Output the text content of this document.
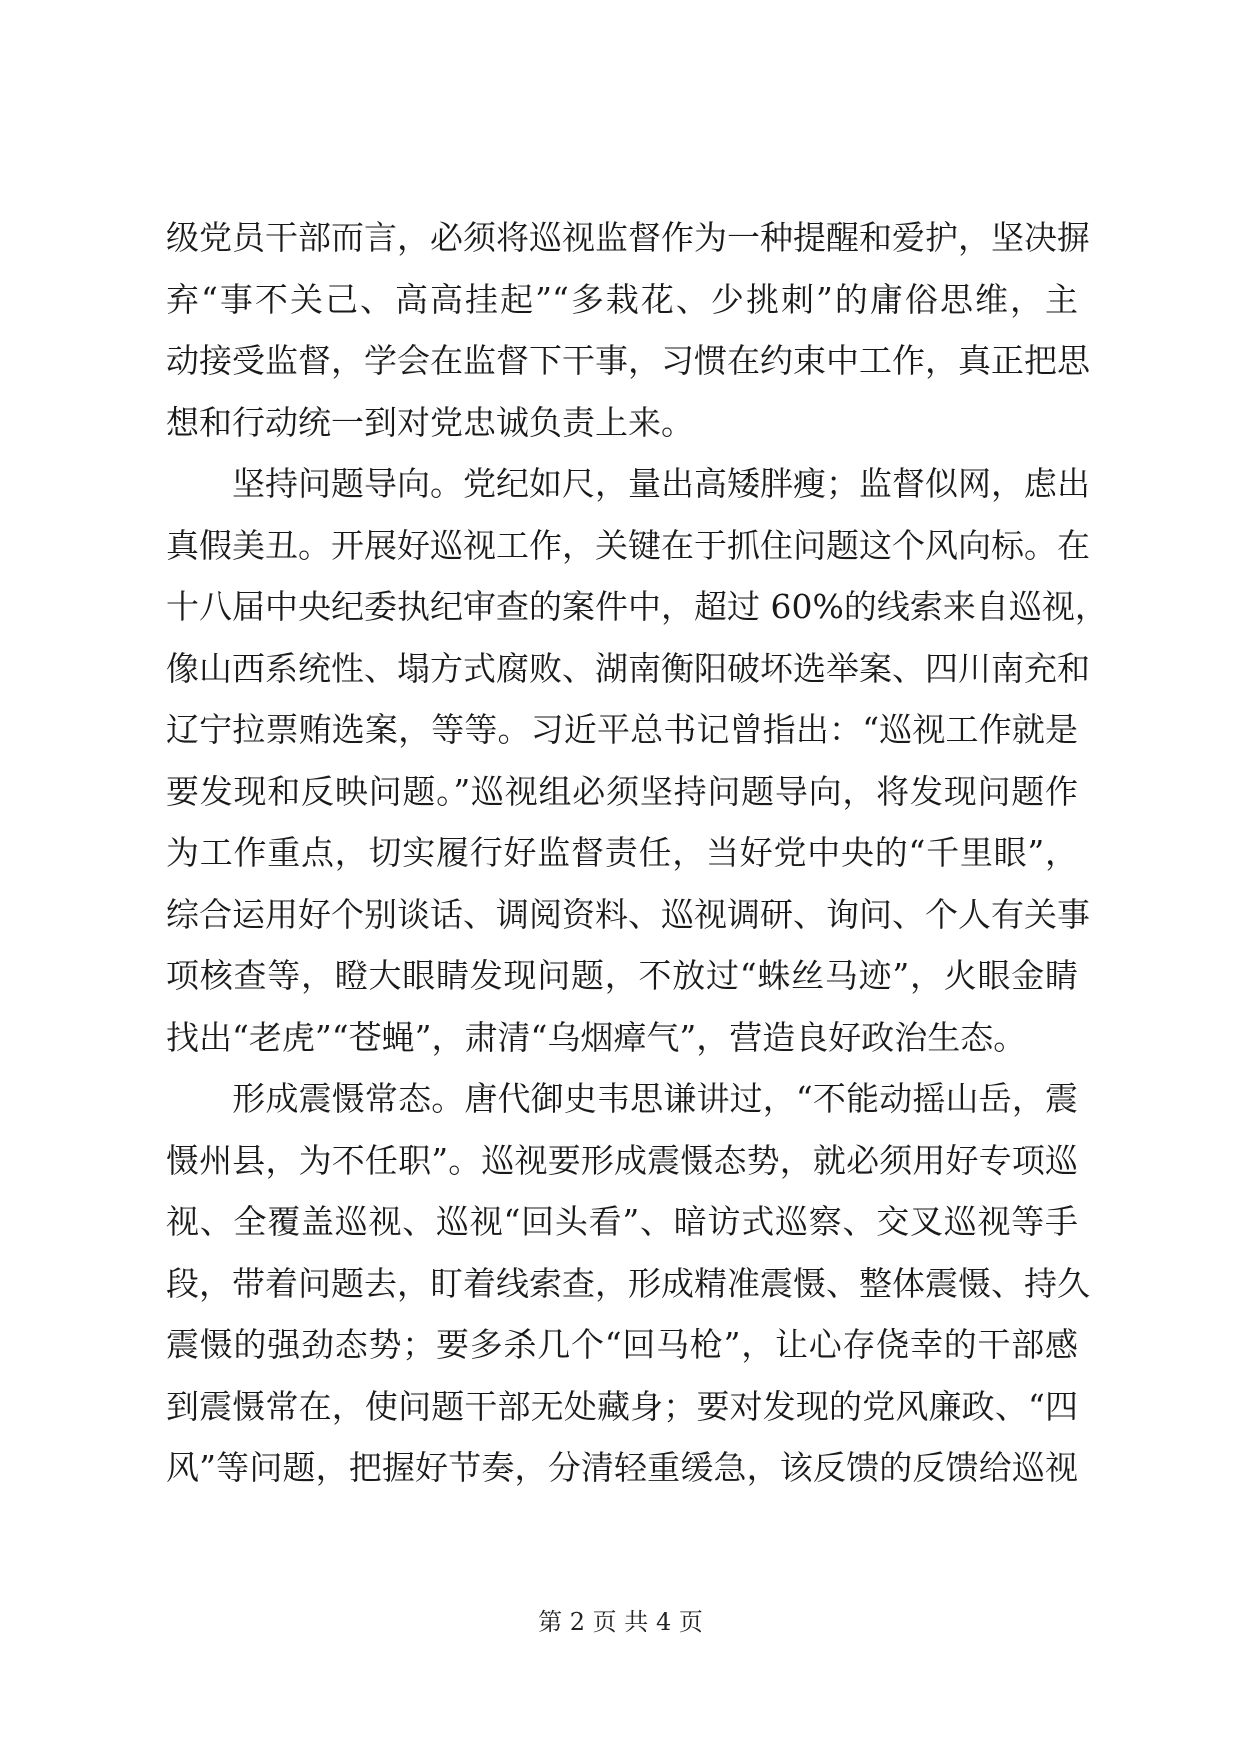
级党员干部而言，必须将巡视监督作为一种提醒和爱护，坚决摒
弃“事不关己、高高挂起”“多栽花、少挑刺”的庸俗思维，主
动接受监督，学会在监督下干事，习惯在约束中工作，真正把思
想和行动统一到对党忠诚负责上来。
　　坚持问题导向。党纪如尺，量出高矮胖瘦；监督似网，虑出
真假美丑。开展好巡视工作，关键在于抓住问题这个风向标。在
十八届中央纪委执纪审查的案件中，超过 60%的线索来自巡视，
像山西系统性、塌方式腐败、湖南衡阳破坏选举案、四川南充和
辽宁拉票贿选案，等等。习近平总书记曾指出：“巡视工作就是
要发现和反映问题。”巡视组必须坚持问题导向，将发现问题作
为工作重点，切实履行好监督责任，当好党中央的“千里眼”，
综合运用好个别谈话、调阅资料、巡视调研、询问、个人有关事
项核查等，瞪大眼睛发现问题，不放过“蛛丝马迹”，火眼金睛
找出“老虎”“苍蝇”，肃清“乌烟瘴气”，营造良好政治生态。
　　形成震慑常态。唐代御史韦思谦讲过，“不能动摇山岳，震
慑州县，为不任职”。巡视要形成震慑态势，就必须用好专项巡
视、全覆盖巡视、巡视“回头看”、暗访式巡察、交叉巡视等手
段，带着问题去，盯着线索查，形成精准震慑、整体震慑、持久
震慑的强劲态势；要多杀几个“回马枪”，让心存侥幸的干部感
到震慑常在，使问题干部无处藏身；要对发现的党风廉政、“四
风”等问题，把握好节奏，分清轻重缓急，该反馈的反馈给巡视
第 2 页 共 4 页
